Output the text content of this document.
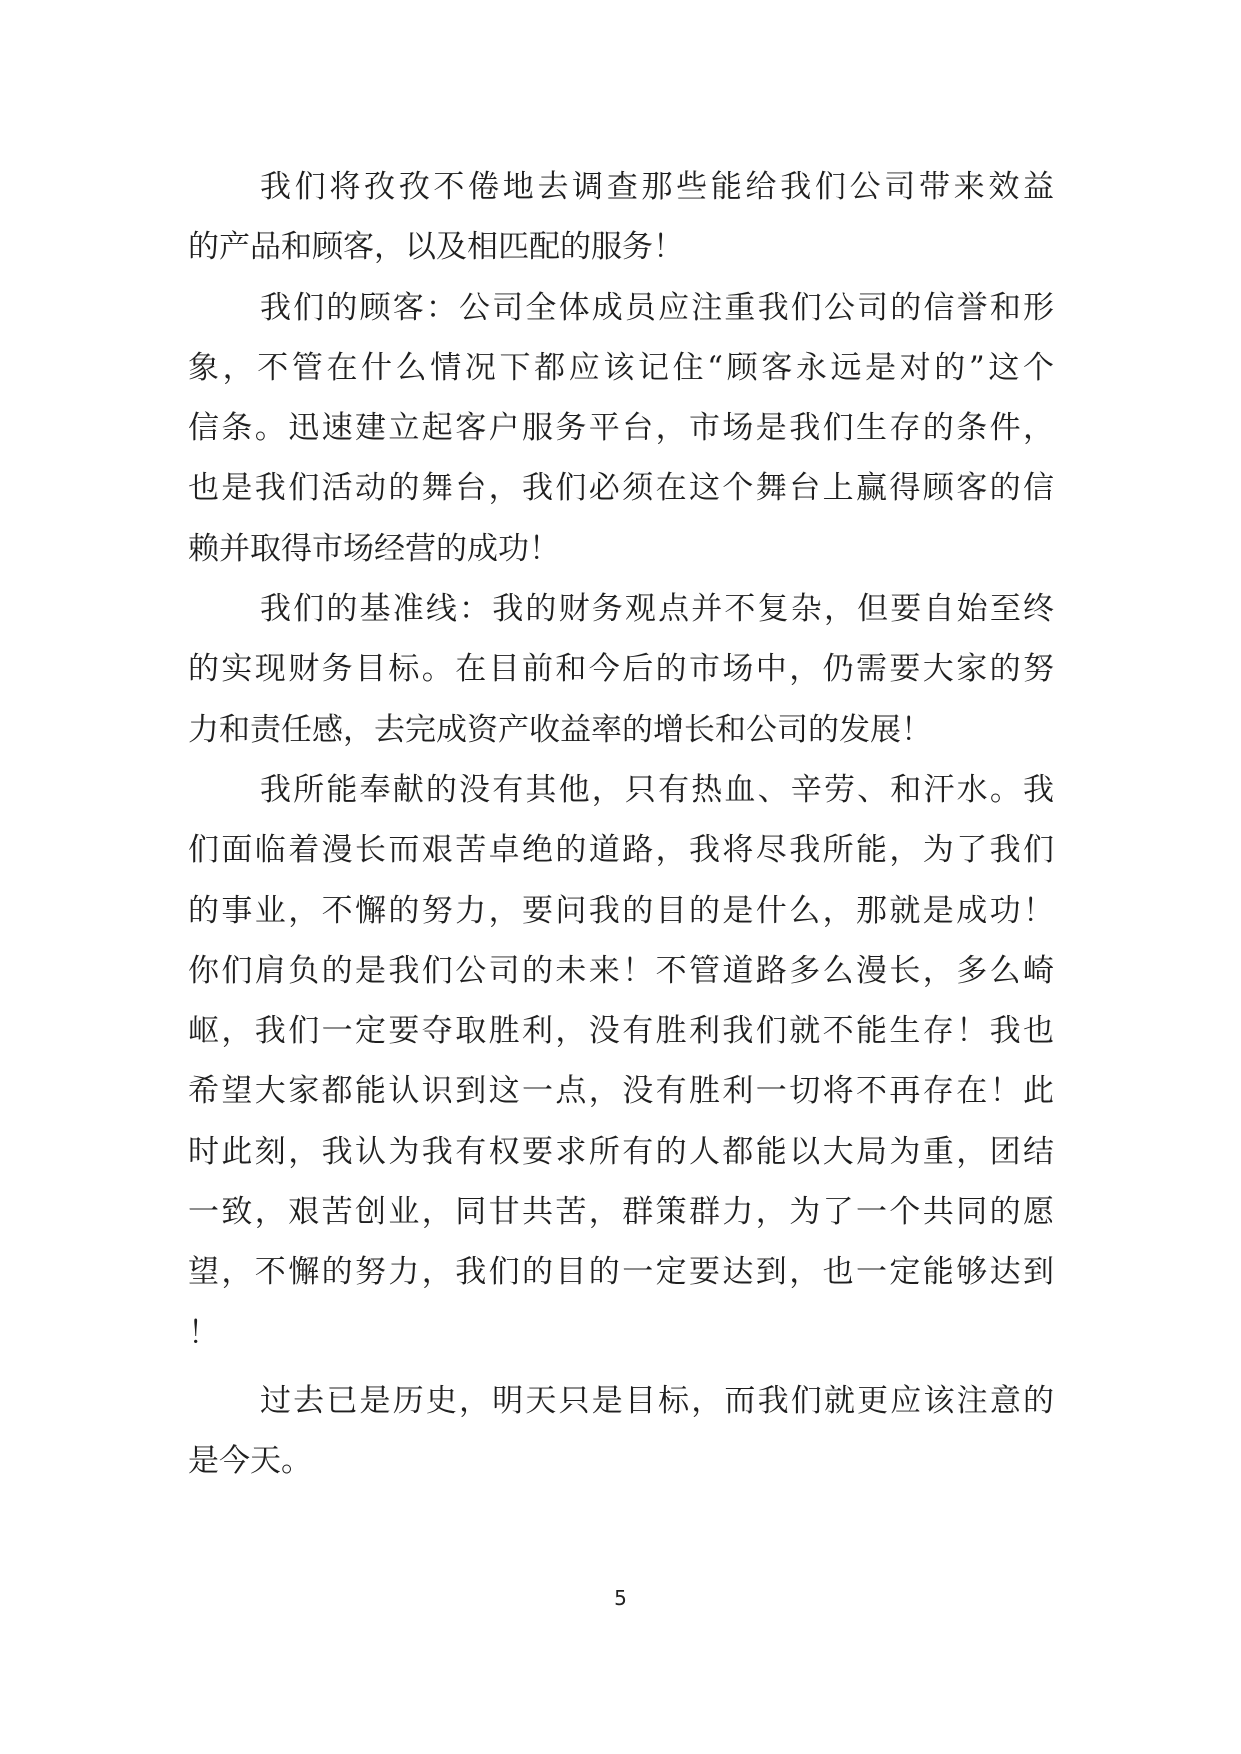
我们将孜孜不倦地去调查那些能给我们公司带来效益
的产品和顾客，以及相匹配的服务！
我们的顾客：公司全体成员应注重我们公司的信誉和形
象，不管在什么情况下都应该记住“顾客永远是对的”这个
信条。迅速建立起客户服务平台，市场是我们生存的条件，
也是我们活动的舞台，我们必须在这个舞台上赢得顾客的信
赖并取得市场经营的成功！
我们的基准线：我的财务观点并不复杂，但要自始至终
的实现财务目标。在目前和今后的市场中，仍需要大家的努
力和责任感，去完成资产收益率的增长和公司的发展！
我所能奉献的没有其他，只有热血、辛劳、和汗水。我
们面临着漫长而艰苦卓绝的道路，我将尽我所能，为了我们
的事业，不懈的努力，要问我的目的是什么，那就是成功！
你们肩负的是我们公司的未来！不管道路多么漫长，多么崎
岖，我们一定要夺取胜利，没有胜利我们就不能生存！我也
希望大家都能认识到这一点，没有胜利一切将不再存在！此
时此刻，我认为我有权要求所有的人都能以大局为重，团结
一致，艰苦创业，同甘共苦，群策群力，为了一个共同的愿
望，不懈的努力，我们的目的一定要达到，也一定能够达到
！
过去已是历史，明天只是目标，而我们就更应该注意的
是今天。
5
